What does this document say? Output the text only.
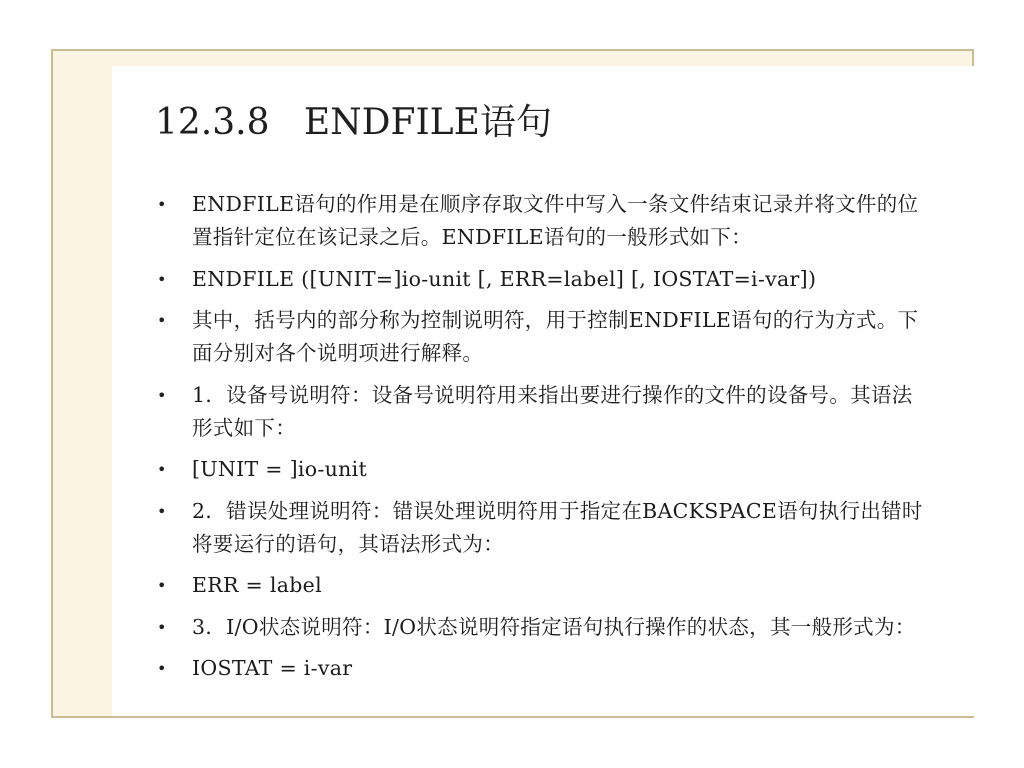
12.3.8   ENDFILE语句
• ENDFILE语句的作用是在顺序存取文件中写入一条文件结束记录并将文件的位置指针定位在该记录之后。ENDFILE语句的一般形式如下：
• ENDFILE ([UNIT=]io-unit [, ERR=label] [, IOSTAT=i-var])
• 其中，括号内的部分称为控制说明符，用于控制ENDFILE语句的行为方式。下面分别对各个说明项进行解释。
• 1．设备号说明符：设备号说明符用来指出要进行操作的文件的设备号。其语法形式如下：
• [UNIT = ]io-unit
• 2．错误处理说明符：错误处理说明符用于指定在BACKSPACE语句执行出错时将要运行的语句，其语法形式为：
• ERR = label
• 3．I/O状态说明符：I/O状态说明符指定语句执行操作的状态，其一般形式为：
• IOSTAT = i-var
